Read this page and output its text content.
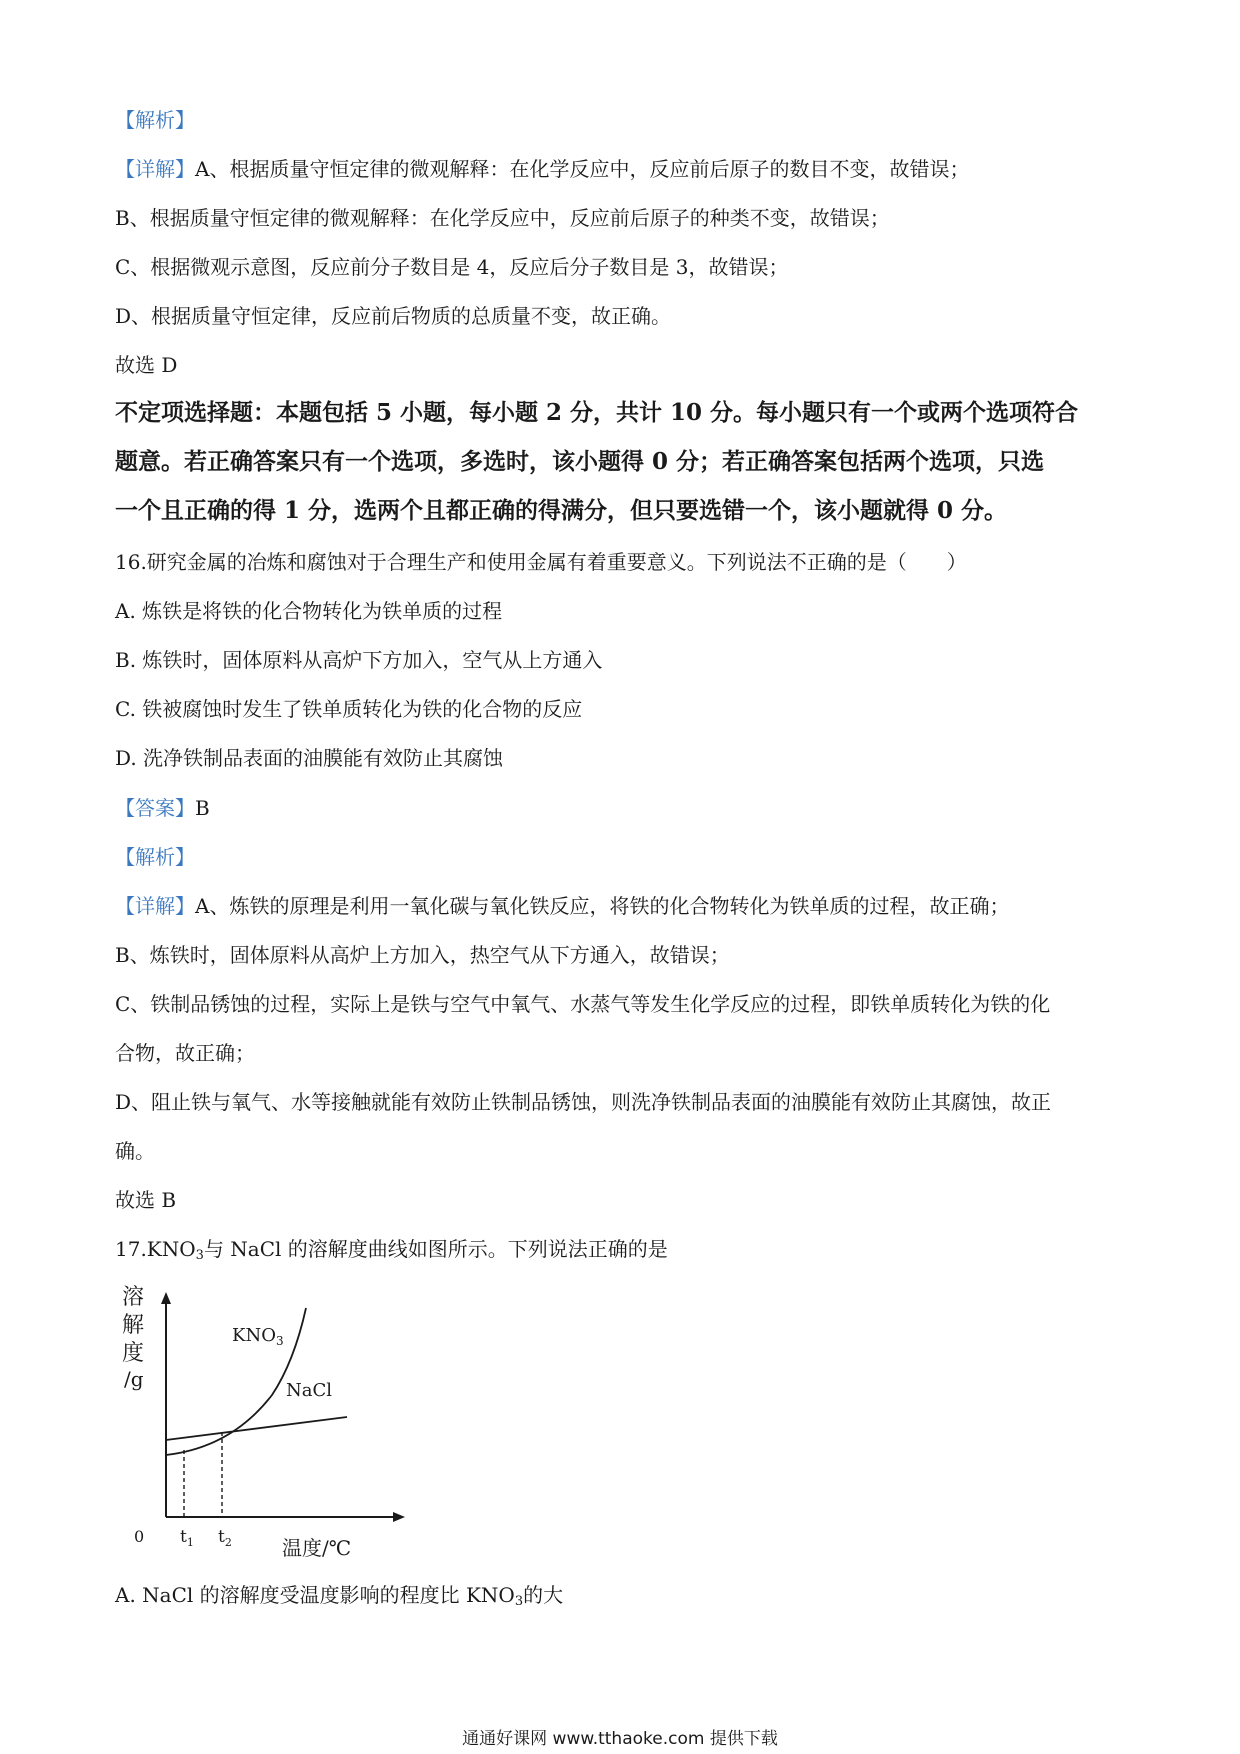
【解析】
【详解】A、根据质量守恒定律的微观解释：在化学反应中，反应前后原子的数目不变，故错误；
B、根据质量守恒定律的微观解释：在化学反应中，反应前后原子的种类不变，故错误；
C、根据微观示意图，反应前分子数目是 4，反应后分子数目是 3，故错误；
D、根据质量守恒定律，反应前后物质的总质量不变，故正确。
故选 D
不定项选择题：本题包括 5 小题，每小题 2 分，共计 10 分。每小题只有一个或两个选项符合
题意。若正确答案只有一个选项，多选时，该小题得 0 分；若正确答案包括两个选项，只选
一个且正确的得 1 分，选两个且都正确的得满分，但只要选错一个，该小题就得 0 分。
16.研究金属的冶炼和腐蚀对于合理生产和使用金属有着重要意义。下列说法不正确的是（　　）
A. 炼铁是将铁的化合物转化为铁单质的过程
B. 炼铁时，固体原料从高炉下方加入，空气从上方通入
C. 铁被腐蚀时发生了铁单质转化为铁的化合物的反应
D. 洗净铁制品表面的油膜能有效防止其腐蚀
【答案】B
【解析】
【详解】A、炼铁的原理是利用一氧化碳与氧化铁反应，将铁的化合物转化为铁单质的过程，故正确；
B、炼铁时，固体原料从高炉上方加入，热空气从下方通入，故错误；
C、铁制品锈蚀的过程，实际上是铁与空气中氧气、水蒸气等发生化学反应的过程，即铁单质转化为铁的化
合物，故正确；
D、阻止铁与氧气、水等接触就能有效防止铁制品锈蚀，则洗净铁制品表面的油膜能有效防止其腐蚀，故正
确。
故选 B
$17.KNO_3$与 NaCl 的溶解度曲线如图所示。下列说法正确的是
溶
解
度
/g
$KNO_3$
NaCl
0 $t_1$ $t_2$	温度/℃
A. NaCl 的溶解度受温度影响的程度比 $KNO_3$的大
通通好课网 www.tthaoke.com 提供下载
